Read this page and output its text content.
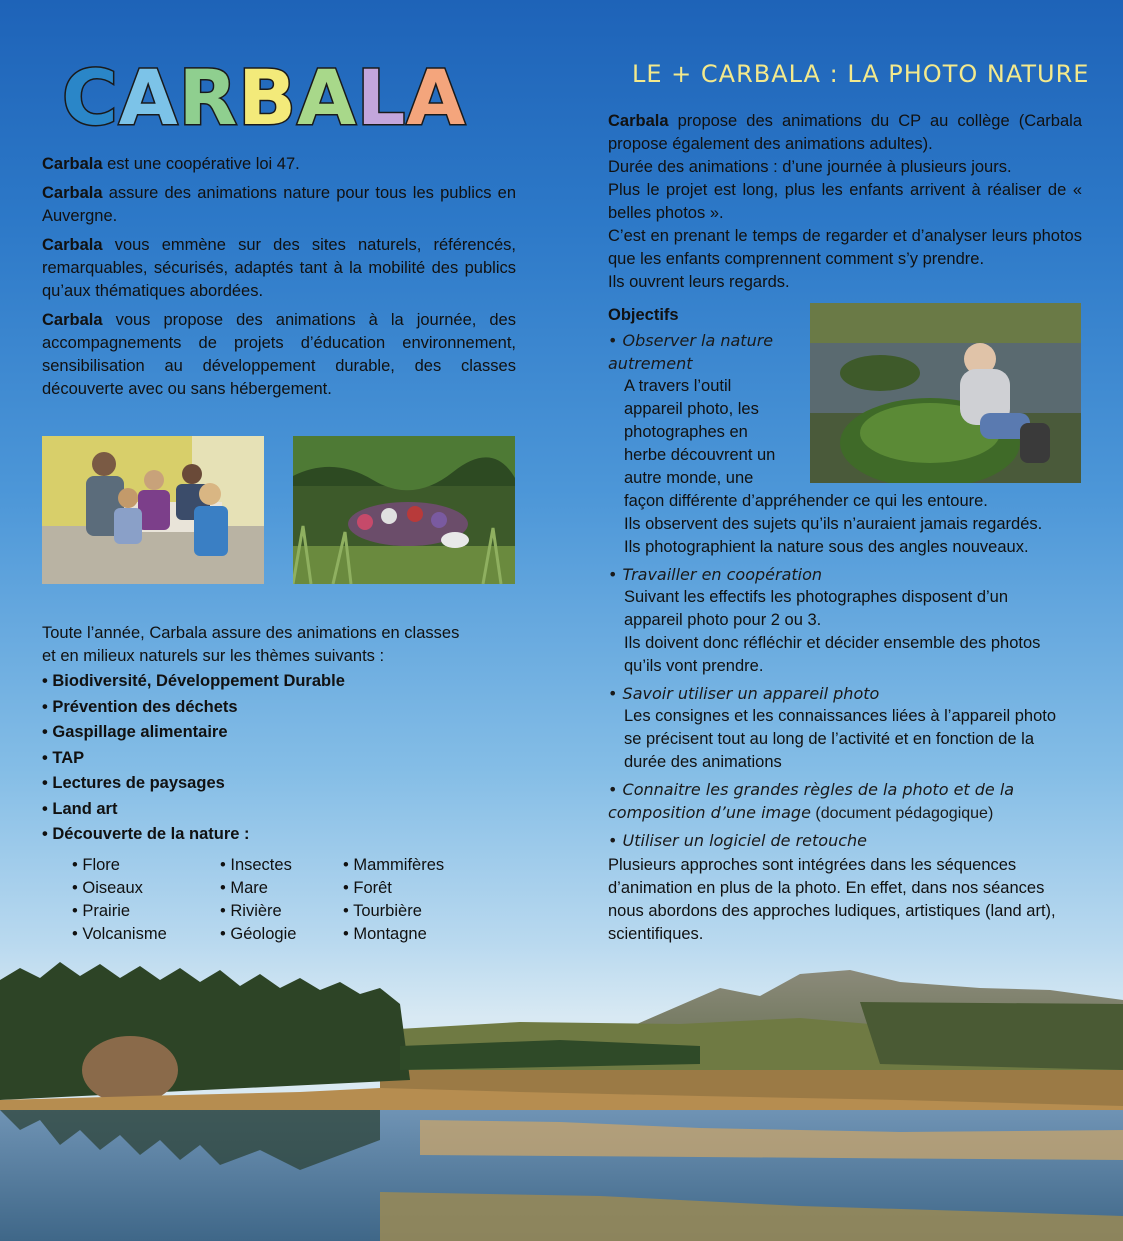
CARBALA

Carbala est une coopérative loi 47.

Carbala assure des animations nature pour tous les publics en Auvergne.

Carbala vous emmène sur des sites naturels, référencés, remarquables, sécurisés, adaptés tant à la mobilité des publics qu’aux thématiques abordées.

Carbala vous propose des animations à la journée, des accompagnements de projets d’éducation environnement, sensibilisation au développement durable, des classes découverte avec ou sans hébergement.

Toute l’année, Carbala assure des animations en classes
et en milieux naturels sur les thèmes suivants :
• Biodiversité, Développement Durable
• Prévention des déchets
• Gaspillage alimentaire
• TAP
• Lectures de paysages
• Land art
• Découverte de la nature :
• Flore
• Oiseaux
• Prairie
• Volcanisme
• Insectes
• Mare
• Rivière
• Géologie
• Mammifères
• Forêt
• Tourbière
• Montagne
LE + CARBALA : LA PHOTO NATURE
Carbala propose des animations du CP au collège (Carbala propose également des animations adultes).
Durée des animations : d’une journée à plusieurs jours.
Plus le projet est long, plus les enfants arrivent à réaliser de « belles photos ».
C’est en prenant le temps de regarder et d’analyser leurs photos que les enfants comprennent comment s’y prendre.
Ils ouvrent leurs regards.
Objectifs
• Observer la nature autrement
A travers l’outil
appareil photo, les
photographes en
herbe découvrent un
autre monde, une
façon différente d’appréhender ce qui les entoure.
Ils observent des sujets qu’ils n’auraient jamais regardés.
Ils photographient la nature sous des angles nouveaux.
• Travailler en coopération
Suivant les effectifs les photographes disposent d’un
appareil photo pour 2 ou 3.
Ils doivent donc réfléchir et décider ensemble des photos
qu’ils vont prendre.
• Savoir utiliser un appareil photo
Les consignes et les connaissances liées à l’appareil photo
se précisent tout au long de l’activité et en fonction de la
durée des animations
• Connaitre les grandes règles de la photo et de la composition d’une image (document pédagogique)
• Utiliser un logiciel de retouche
Plusieurs approches sont intégrées dans les séquences d’animation en plus de la photo. En effet, dans nos séances nous abordons des approches ludiques, artistiques (land art), scientifiques.
